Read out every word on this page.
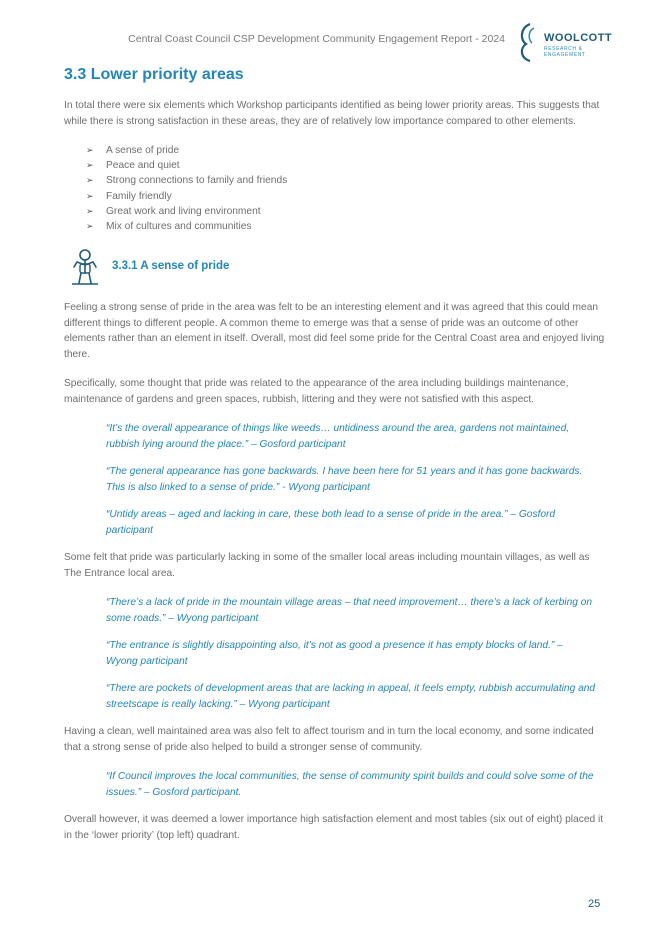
Central Coast Council CSP Development Community Engagement Report - 2024	WOOLCOTT
RESEARCH & ENGAGEMENT
3.3 Lower priority areas

In total there were six elements which Workshop participants identified as being lower priority areas. This suggests that while there is strong satisfaction in these areas, they are of relatively low importance compared to other elements.

➢ A sense of pride
➢ Peace and quiet
➢ Strong connections to family and friends
➢ Family friendly
➢ Great work and living environment
➢ Mix of cultures and communities
3.3.1 A sense of pride

Feeling a strong sense of pride in the area was felt to be an interesting element and it was agreed that this could mean different things to different people. A common theme to emerge was that a sense of pride was an outcome of other elements rather than an element in itself. Overall, most did feel some pride for the Central Coast area and enjoyed living there.

Specifically, some thought that pride was related to the appearance of the area including buildings maintenance, maintenance of gardens and green spaces, rubbish, littering and they were not satisfied with this aspect.

“It’s the overall appearance of things like weeds… untidiness around the area, gardens not maintained, rubbish lying around the place.” – Gosford participant
“The general appearance has gone backwards. I have been here for 51 years and it has gone backwards. This is also linked to a sense of pride.” - Wyong participant
“Untidy areas – aged and lacking in care, these both lead to a sense of pride in the area.” – Gosford participant

Some felt that pride was particularly lacking in some of the smaller local areas including mountain villages, as well as The Entrance local area.

“There’s a lack of pride in the mountain village areas – that need improvement… there’s a lack of kerbing on some roads.” – Wyong participant
“The entrance is slightly disappointing also, it’s not as good a presence it has empty blocks of land.” – Wyong participant
“There are pockets of development areas that are lacking in appeal, it feels empty, rubbish accumulating and streetscape is really lacking.” – Wyong participant

Having a clean, well maintained area was also felt to affect tourism and in turn the local economy, and some indicated that a strong sense of pride also helped to build a stronger sense of community.

“If Council improves the local communities, the sense of community spirit builds and could solve some of the issues.” – Gosford participant.

Overall however, it was deemed a lower importance high satisfaction element and most tables (six out of eight) placed it in the ‘lower priority’ (top left) quadrant.

25
